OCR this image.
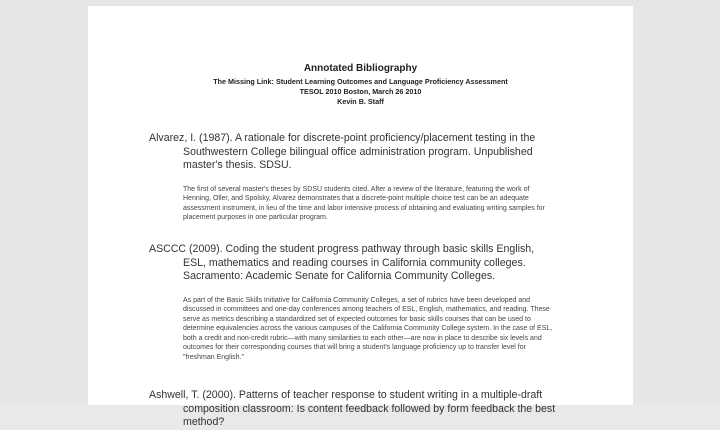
Annotated Bibliography
The Missing Link: Student Learning Outcomes and Language Proficiency Assessment
TESOL 2010 Boston, March 26 2010
Kevin B. Staff

Alvarez, I. (1987). A rationale for discrete-point proficiency/placement testing in the Southwestern College bilingual office administration program. Unpublished master's thesis. SDSU.

The first of several master's theses by SDSU students cited. After a review of the literature, featuring the work of Henning, Oller, and Spolsky, Alvarez demonstrates that a discrete-point multiple choice test can be an adequate assessment instrument, in lieu of the time and labor intensive process of obtaining and evaluating writing samples for placement purposes in one particular program.

ASCCC (2009). Coding the student progress pathway through basic skills English, ESL, mathematics and reading courses in California community colleges. Sacramento: Academic Senate for California Community Colleges.

As part of the Basic Skills Initiative for California Community Colleges, a set of rubrics have been developed and discussed in committees and one-day conferences among teachers of ESL, English, mathematics, and reading. These serve as metrics describing a standardized set of expected outcomes for basic skills courses that can be used to determine equivalencies across the various campuses of the California Community College system. In the case of ESL, both a credit and non-credit rubric—with many similarities to each other—are now in place to describe six levels and outcomes for their corresponding courses that will bring a student's language proficiency up to transfer level for "freshman English."

Ashwell, T. (2000). Patterns of teacher response to student writing in a multiple-draft composition classroom: Is content feedback followed by form feedback the best method?
